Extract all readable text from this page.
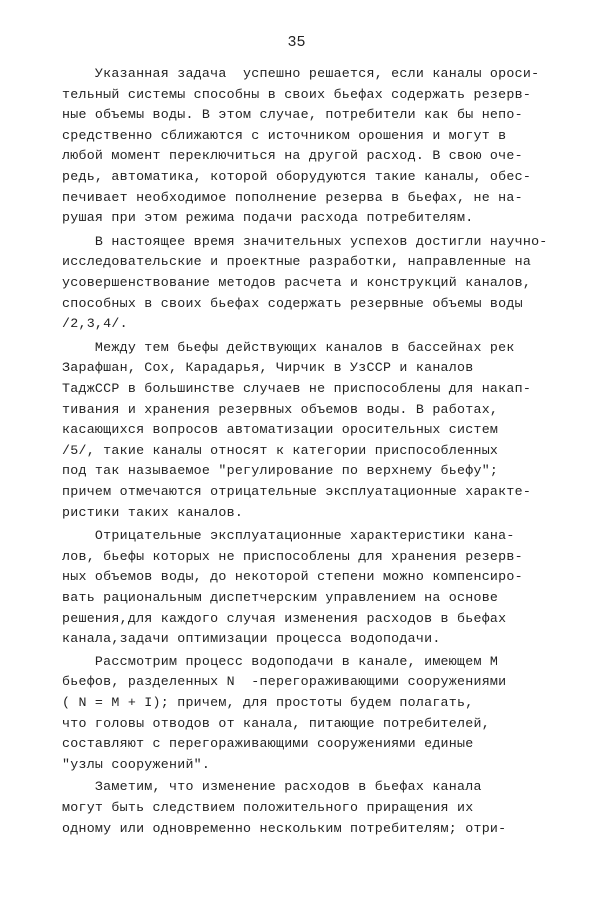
35
Указанная задача  успешно решается, если каналы ороси-
тельный системы способны в своих бьефах содержать резерв-
ные объемы воды. В этом случае, потребители как бы непо-
средственно сближаются с источником орошения и могут в
любой момент переключиться на другой расход. В свою оче-
редь, автоматика, которой оборудуются такие каналы, обес-
печивает необходимое пополнение резерва в бьефах, не на-
рушая при этом режима подачи расхода потребителям.
В настоящее время значительных успехов достигли научно-
исследовательские и проектные разработки, направленные на
усовершенствование методов расчета и конструкций каналов,
способных в своих бьефах содержать резервные объемы воды
/2,3,4/.
Между тем бьефы действующих каналов в бассейнах рек
Зарафшан, Сох, Карадарья, Чирчик в УзССР и каналов
ТаджССР в большинстве случаев не приспособлены для накап-
тивания и хранения резервных объемов воды. В работах,
касающихся вопросов автоматизации оросительных систем
/5/, такие каналы относят к категории приспособленных
под так называемое "регулирование по верхнему бьефу";
причем отмечаются отрицательные эксплуатационные характе-
ристики таких каналов.
Отрицательные эксплуатационные характеристики кана-
лов, бьефы которых не приспособлены для хранения резерв-
ных объемов воды, до некоторой степени можно компенсиро-
вать рациональным диспетчерским управлением на основе
решения,для каждого случая изменения расходов в бьефах
канала,задачи оптимизации процесса водоподачи.
Рассмотрим процесс водоподачи в канале, имеющем M
бьефов, разделенных N  -перегораживающими сооружениями
( N = M + I); причем, для простоты будем полагать,
что головы отводов от канала, питающие потребителей,
составляют с перегораживающими сооружениями единые
"узлы сооружений".
Заметим, что изменение расходов в бьефах канала
могут быть следствием положительного приращения их
одному или одновременно нескольким потребителям; отри-
